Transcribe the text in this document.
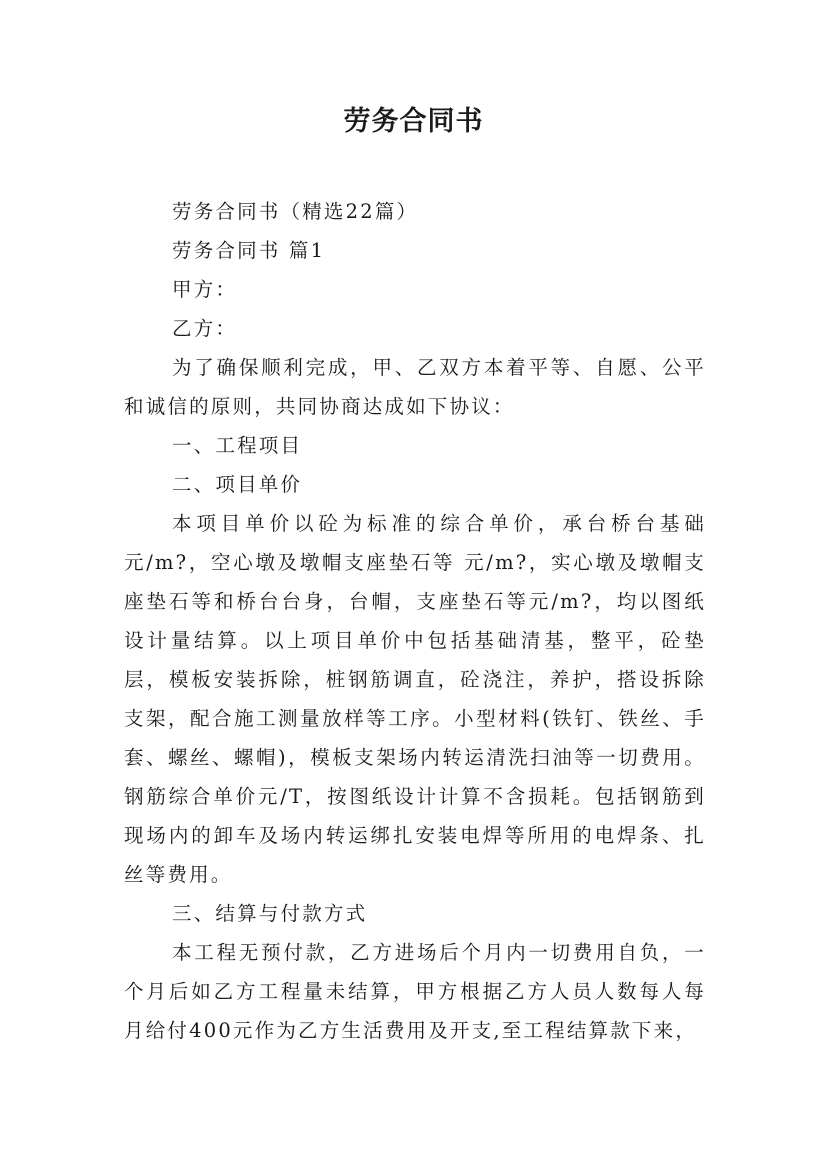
劳务合同书

劳务合同书（精选22篇）

劳务合同书 篇1

甲方：

乙方：

为了确保顺利完成，甲、乙双方本着平等、自愿、公平和诚信的原则，共同协商达成如下协议：

一、工程项目

二、项目单价

本项目单价以砼为标准的综合单价，承台桥台基础 元/m?，空心墩及墩帽支座垫石等 元/m?，实心墩及墩帽支座垫石等和桥台台身，台帽，支座垫石等元/m?，均以图纸设计量结算。以上项目单价中包括基础清基，整平，砼垫层，模板安装拆除，桩钢筋调直，砼浇注，养护，搭设拆除支架，配合施工测量放样等工序。小型材料(铁钉、铁丝、手套、螺丝、螺帽)，模板支架场内转运清洗扫油等一切费用。钢筋综合单价元/T，按图纸设计计算不含损耗。包括钢筋到现场内的卸车及场内转运绑扎安装电焊等所用的电焊条、扎丝等费用。

三、结算与付款方式

本工程无预付款，乙方进场后个月内一切费用自负，一个月后如乙方工程量未结算，甲方根据乙方人员人数每人每月给付400元作为乙方生活费用及开支,至工程结算款下来，
